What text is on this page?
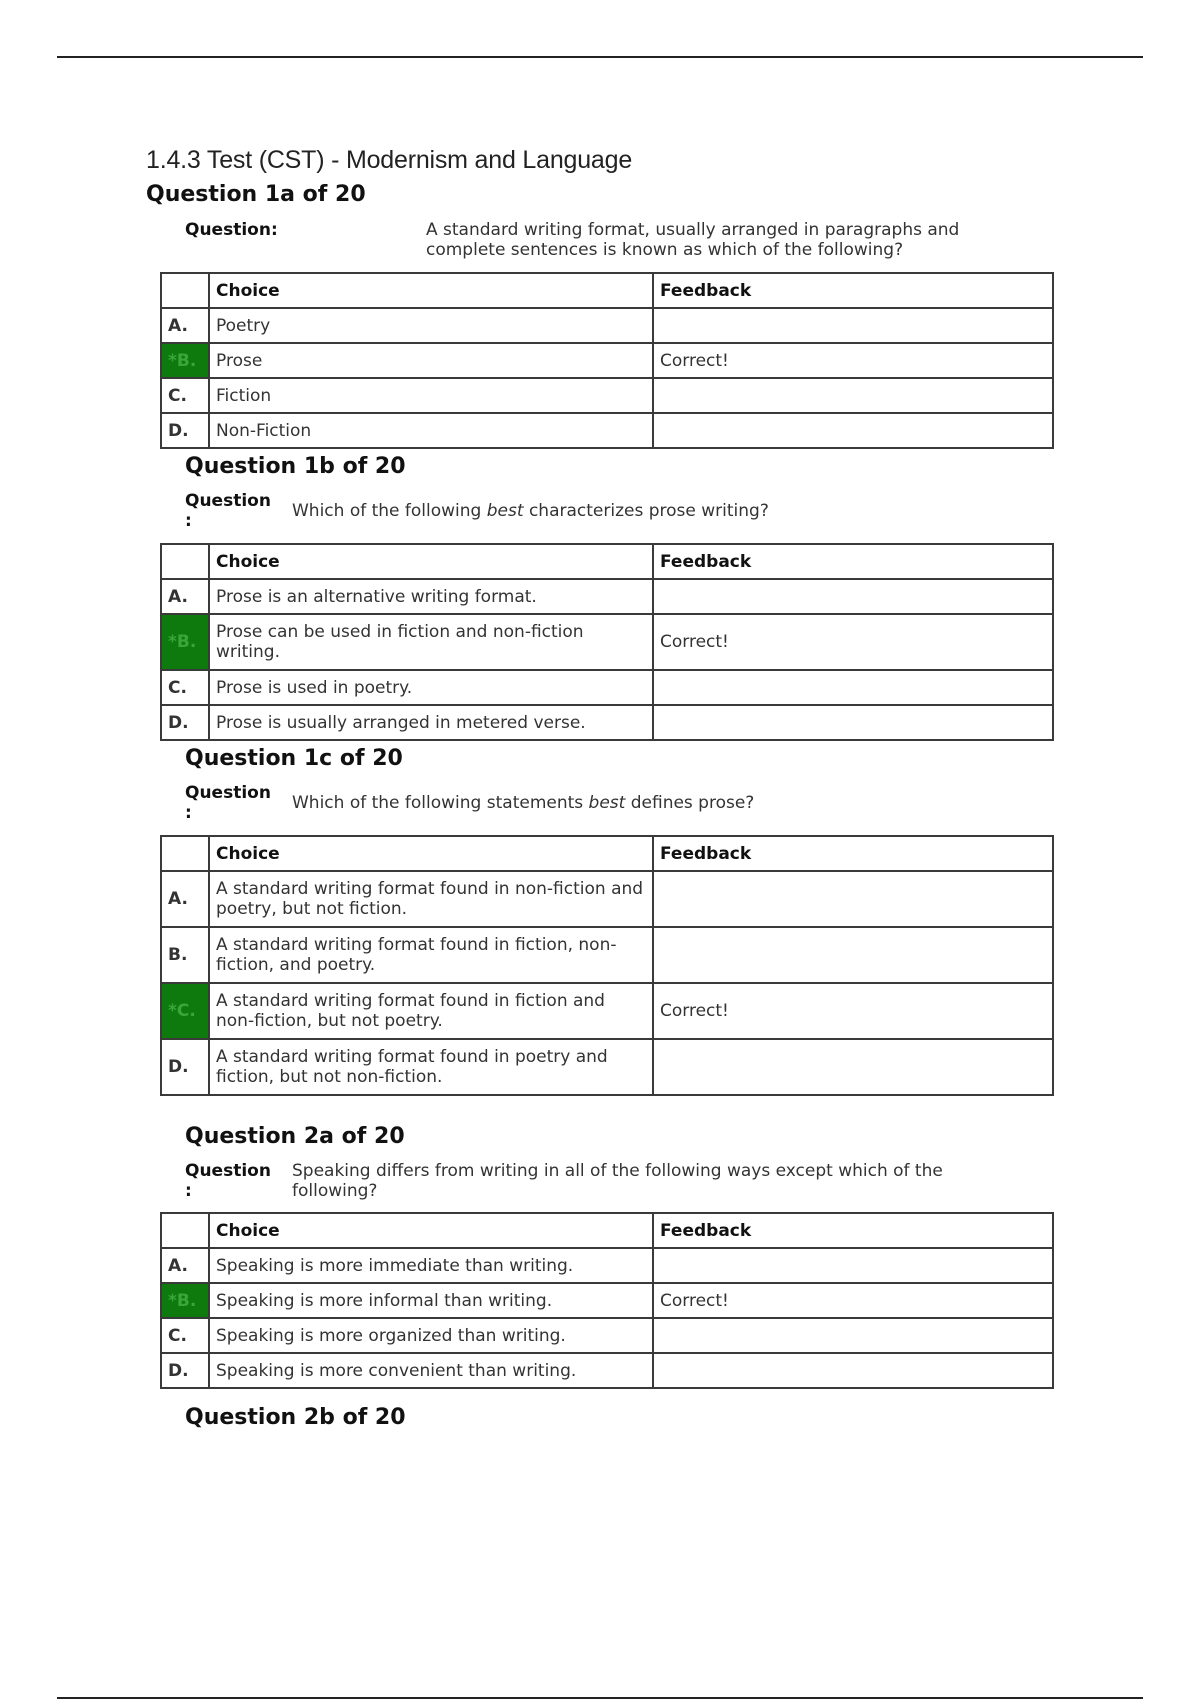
1.4.3 Test (CST) - Modernism and Language
Question 1a of 20
Question:	A standard writing format, usually arranged in paragraphs and complete sentences is known as which of the following?
	Choice	Feedback
A.	Poetry	
*B.	Prose	Correct!
C.	Fiction	
D.	Non-Fiction	
Question 1b of 20
Question
:	Which of the following best characterizes prose writing?
	Choice	Feedback
A.	Prose is an alternative writing format.	
*B.	Prose can be used in fiction and non-fiction writing.	Correct!
C.	Prose is used in poetry.	
D.	Prose is usually arranged in metered verse.	
Question 1c of 20
Question
:	Which of the following statements best defines prose?
	Choice	Feedback
A.	A standard writing format found in non-fiction and poetry, but not fiction.	
B.	A standard writing format found in fiction, non-fiction, and poetry.	
*C.	A standard writing format found in fiction and non-fiction, but not poetry.	Correct!
D.	A standard writing format found in poetry and fiction, but not non-fiction.	
Question 2a of 20
Question
:
Speaking differs from writing in all of the following ways except which of the following?
	Choice	Feedback
A.	Speaking is more immediate than writing.	
*B.	Speaking is more informal than writing.	Correct!
C.	Speaking is more organized than writing.	
D.	Speaking is more convenient than writing.	
Question 2b of 20
